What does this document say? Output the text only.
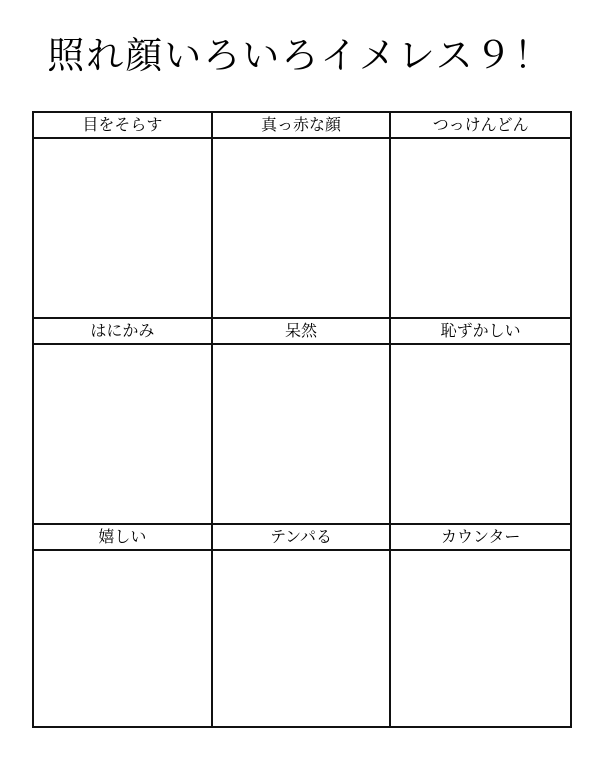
照れ顔いろいろイメレス９！
目をそらす	真っ赤な顔	つっけんどん
はにかみ	呆然	恥ずかしい
嬉しい	テンパる	カウンター
